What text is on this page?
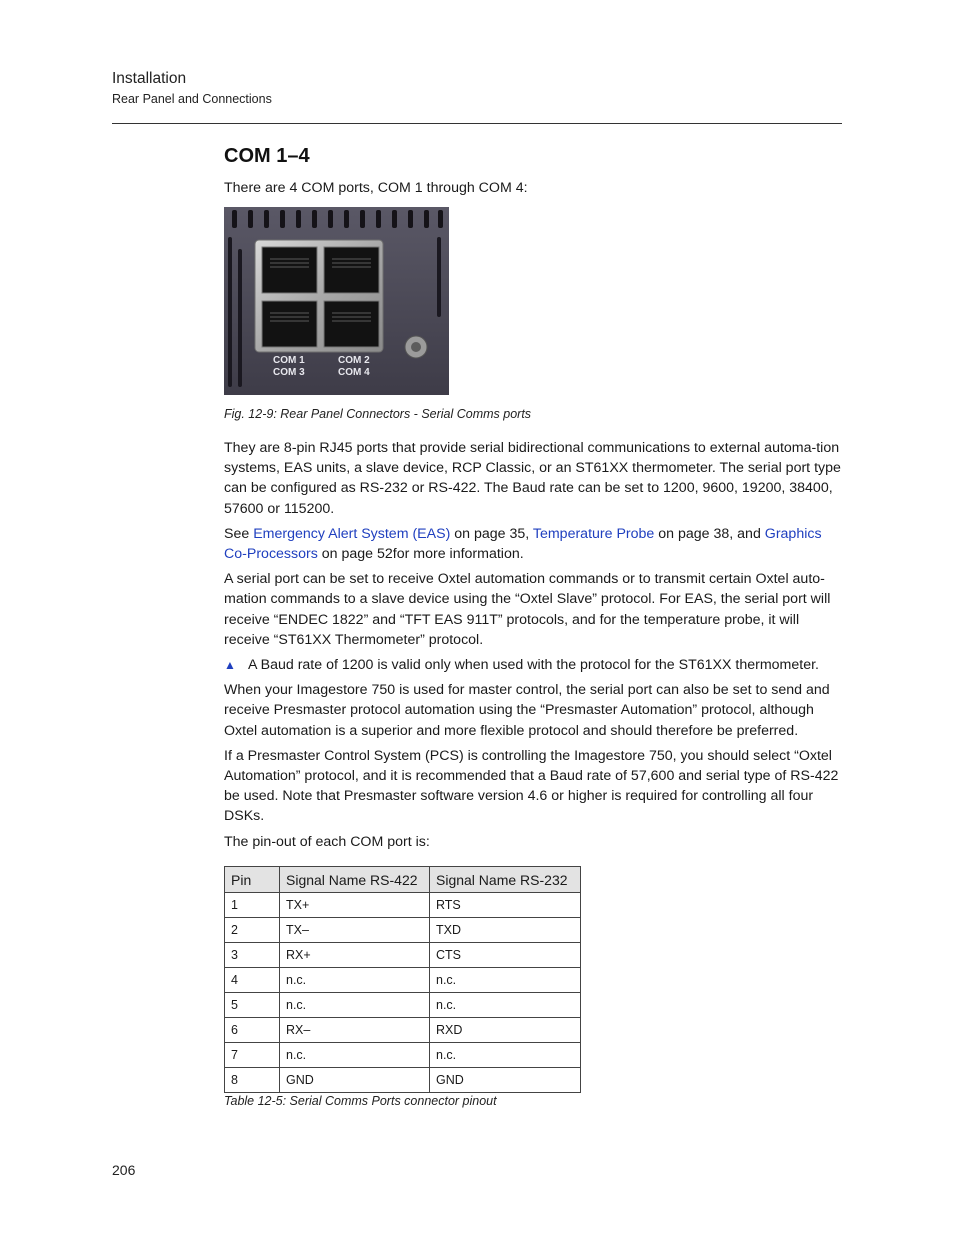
Installation
Rear Panel and Connections
COM 1–4

There are 4 COM ports, COM 1 through COM 4:

COM 1
COM 3
COM 2
COM 4
Fig. 12-9: Rear Panel Connectors - Serial Comms ports

They are 8-pin RJ45 ports that provide serial bidirectional communications to external automa-tion systems, EAS units, a slave device, RCP Classic, or an ST61XX thermometer. The serial port type can be configured as RS-232 or RS-422. The Baud rate can be set to 1200, 9600, 19200, 38400, 57600 or 115200.

See Emergency Alert System (EAS) on page 35, Temperature Probe on page 38, and Graphics Co-Processors on page 52for more information.

A serial port can be set to receive Oxtel automation commands or to transmit certain Oxtel auto-mation commands to a slave device using the “Oxtel Slave” protocol. For EAS, the serial port will receive “ENDEC 1822” and “TFT EAS 911T” protocols, and for the temperature probe, it will receive “ST61XX Thermometer” protocol.

▲ A Baud rate of 1200 is valid only when used with the protocol for the ST61XX thermometer.

When your Imagestore 750 is used for master control, the serial port can also be set to send and receive Presmaster protocol automation using the “Presmaster Automation” protocol, although Oxtel automation is a superior and more flexible protocol and should therefore be preferred.

If a Presmaster Control System (PCS) is controlling the Imagestore 750, you should select “Oxtel Automation” protocol, and it is recommended that a Baud rate of 57,600 and serial type of RS-422 be used. Note that Presmaster software version 4.6 or higher is required for controlling all four DSKs.

The pin-out of each COM port is:

Pin	Signal Name RS-422	Signal Name RS-232
1	TX+	RTS
2	TX–	TXD
3	RX+	CTS
4	n.c.	n.c.
5	n.c.	n.c.
6	RX–	RXD
7	n.c.	n.c.
8	GND	GND
Table 12-5: Serial Comms Ports connector pinout
206
